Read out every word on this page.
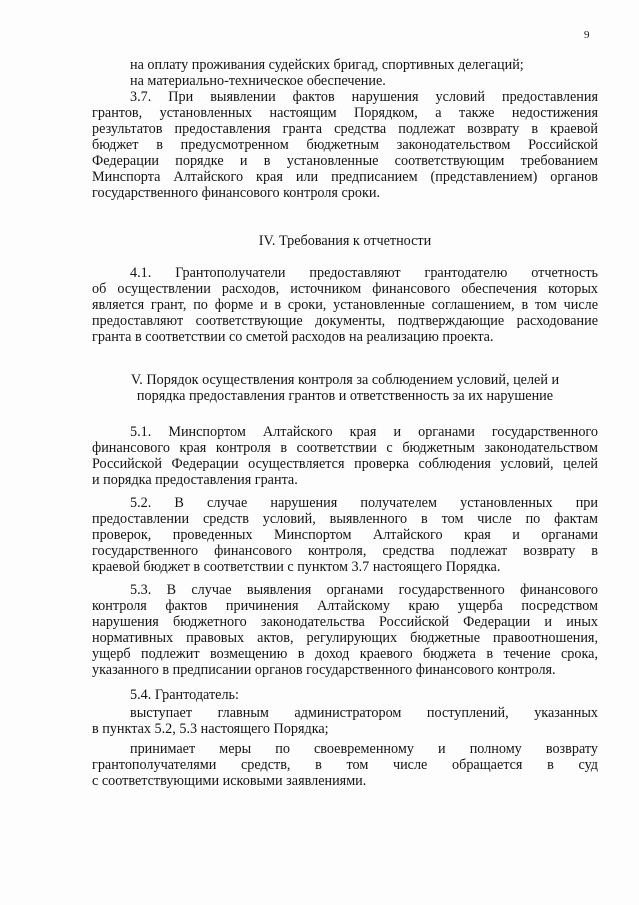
9
на оплату проживания судейских бригад, спортивных делегаций;
на материально-техническое обеспечение.
3.7. При выявлении фактов нарушения условий предоставления
грантов, установленных настоящим Порядком, а также недостижения
результатов предоставления гранта средства подлежат возврату в краевой
бюджет в предусмотренном бюджетным законодательством Российской
Федерации порядке и в установленные соответствующим требованием
Минспорта Алтайского края или предписанием (представлением) органов
государственного финансового контроля сроки.
IV. Требования к отчетности
4.1. Грантополучатели предоставляют грантодателю отчетность
об осуществлении расходов, источником финансового обеспечения которых
является грант, по форме и в сроки, установленные соглашением, в том числе
предоставляют соответствующие документы, подтверждающие расходование
гранта в соответствии со сметой расходов на реализацию проекта.
V. Порядок осуществления контроля за соблюдением условий, целей и
порядка предоставления грантов и ответственность за их нарушение
5.1. Минспортом Алтайского края и органами государственного
финансового края контроля в соответствии с бюджетным законодательством
Российской Федерации осуществляется проверка соблюдения условий, целей
и порядка предоставления гранта.
5.2. В случае нарушения получателем установленных при
предоставлении средств условий, выявленного в том числе по фактам
проверок, проведенных Минспортом Алтайского края и органами
государственного финансового контроля, средства подлежат возврату в
краевой бюджет в соответствии с пунктом 3.7 настоящего Порядка.
5.3. В случае выявления органами государственного финансового
контроля фактов причинения Алтайскому краю ущерба посредством
нарушения бюджетного законодательства Российской Федерации и иных
нормативных правовых актов, регулирующих бюджетные правоотношения,
ущерб подлежит возмещению в доход краевого бюджета в течение срока,
указанного в предписании органов государственного финансового контроля.
5.4. Грантодатель:
выступает главным администратором поступлений, указанных
в пунктах 5.2, 5.3 настоящего Порядка;
принимает меры по своевременному и полному возврату
грантополучателями средств, в том числе обращается в суд
с соответствующими исковыми заявлениями.
